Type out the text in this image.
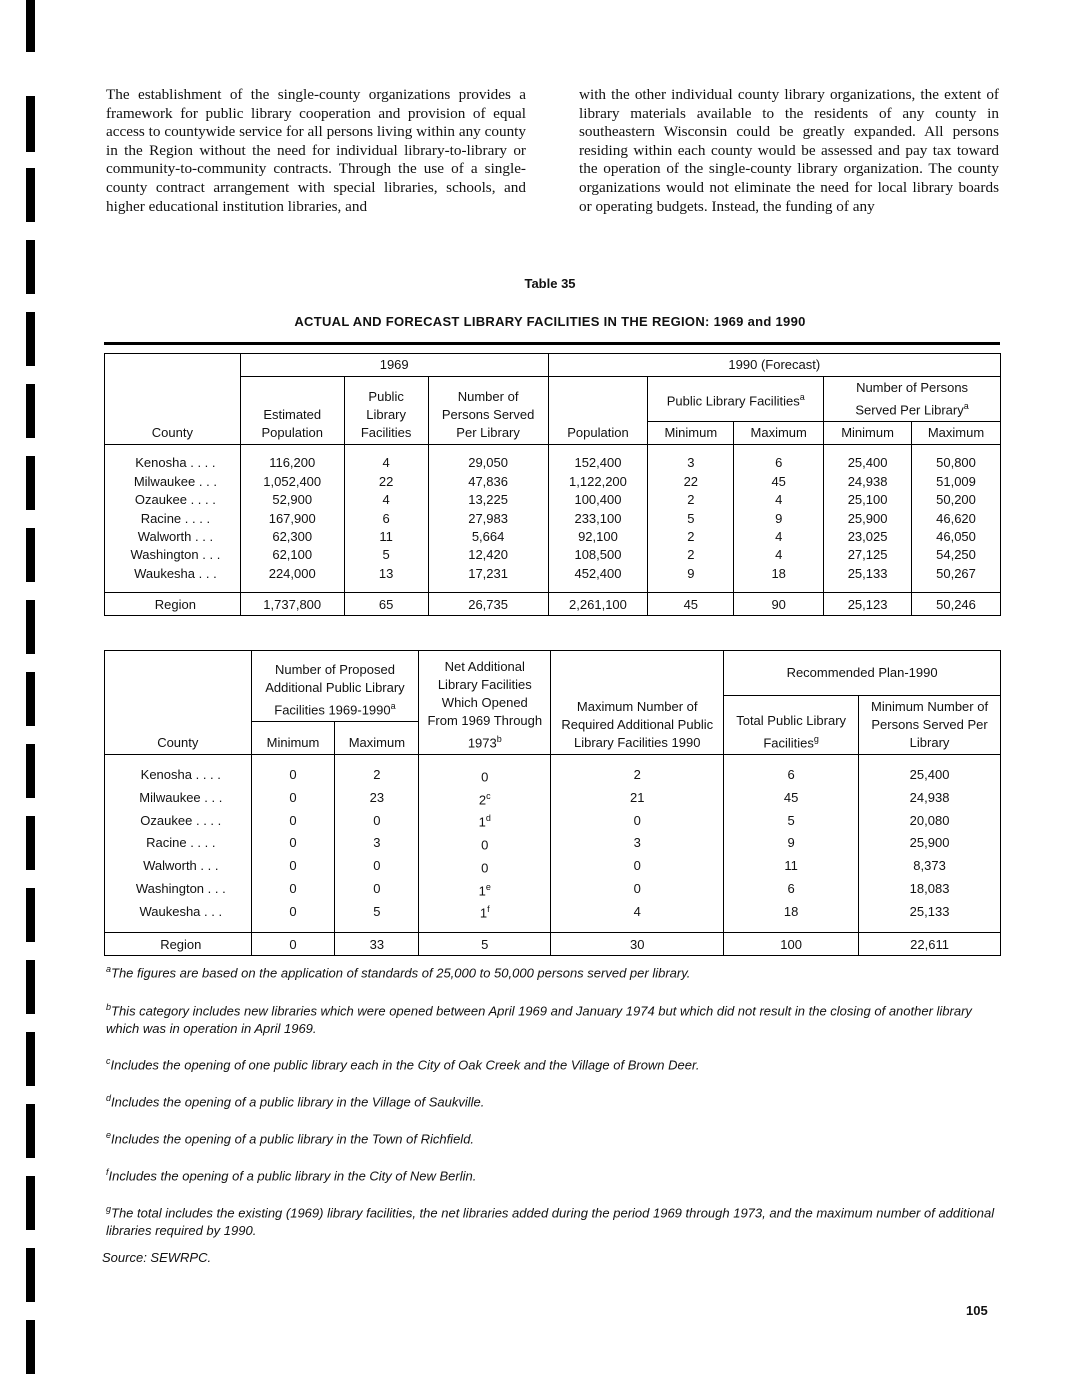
The establishment of the single-county organizations provides a framework for public library cooperation and provision of equal access to countywide service for all persons living within any county in the Region without the need for individual library-to-library or community-to-community contracts. Through the use of a single-county contract arrangement with special libraries, schools, and higher educational institution libraries, and
with the other individual county library organizations, the extent of library materials available to the residents of any county in southeastern Wisconsin could be greatly expanded. All persons residing within each county would be assessed and pay tax toward the operation of the single-county library organization. The county organizations would not eliminate the need for local library boards or operating budgets. Instead, the funding of any
Table 35
ACTUAL AND FORECAST LIBRARY FACILITIES IN THE REGION: 1969 and 1990
County	1969			1990 (Forecast)				

	Estimated Population	Public Library Facilities	Number of Persons Served Per Library	Population	Public Library Facilities$^a$		Number of Persons Served Per Library$^a$

					Minimum	Maximum	Minimum	Maximum

Kenosha . . . .	116,200	4	29,050	152,400	3	6	25,400	50,800
Milwaukee . . .	1,052,400	22	47,836	1,122,200	22	45	24,938	51,009
Ozaukee . . . .	52,900	4	13,225	100,400	2	4	25,100	50,200
Racine . . . .	167,900	6	27,983	233,100	5	9	25,900	46,620
Walworth . . .	62,300	11	5,664	92,100	2	4	23,025	46,050
Washington . . .	62,100	5	12,420	108,500	2	4	27,125	54,250
Waukesha . . .	224,000	13	17,231	452,400	9	18	25,133	50,267

Region	1,737,800	65	26,735	2,261,100	45	90	25,123	50,246
County	Number of Proposed Additional Public Library Facilities 1969-1990$^a$		Net Additional Library Facilities Which Opened From 1969 Through 1973$^b$	Maximum Number of Required Additional Public Library Facilities 1990	Recommended Plan-1990	

					Total Public Library Facilities$^g$	Minimum Number of Persons Served Per Library

	Minimum	Maximum				

Kenosha . . . .	0	2	0	2	6	25,400
Milwaukee . . .	0	23	2$^c$	21	45	24,938
Ozaukee . . . .	0	0	1$^d$	0	5	20,080
Racine . . . .	0	3	0	3	9	25,900
Walworth . . .	0	0	0	0	11	8,373
Washington . . .	0	0	1e	0	6	18,083
Waukesha . . .	0	5	1$^f$	4	18	25,133

Region	0	33	5	30	100	22,611
$^a$The figures are based on the application of standards of 25,000 to 50,000 persons served per library.
$^b$This category includes new libraries which were opened between April 1969 and January 1974 but which did not result in the closing of another library which was in operation in April 1969.
$^c$Includes the opening of one public library each in the City of Oak Creek and the Village of Brown Deer.
$^d$Includes the opening of a public library in the Village of Saukville.
$^e$Includes the opening of a public library in the Town of Richfield.
$^f$Includes the opening of a public library in the City of New Berlin.
$^g$The total includes the existing (1969) library facilities, the net libraries added during the period 1969 through 1973, and the maximum number of additional libraries required by 1990.
Source: SEWRPC.
105
